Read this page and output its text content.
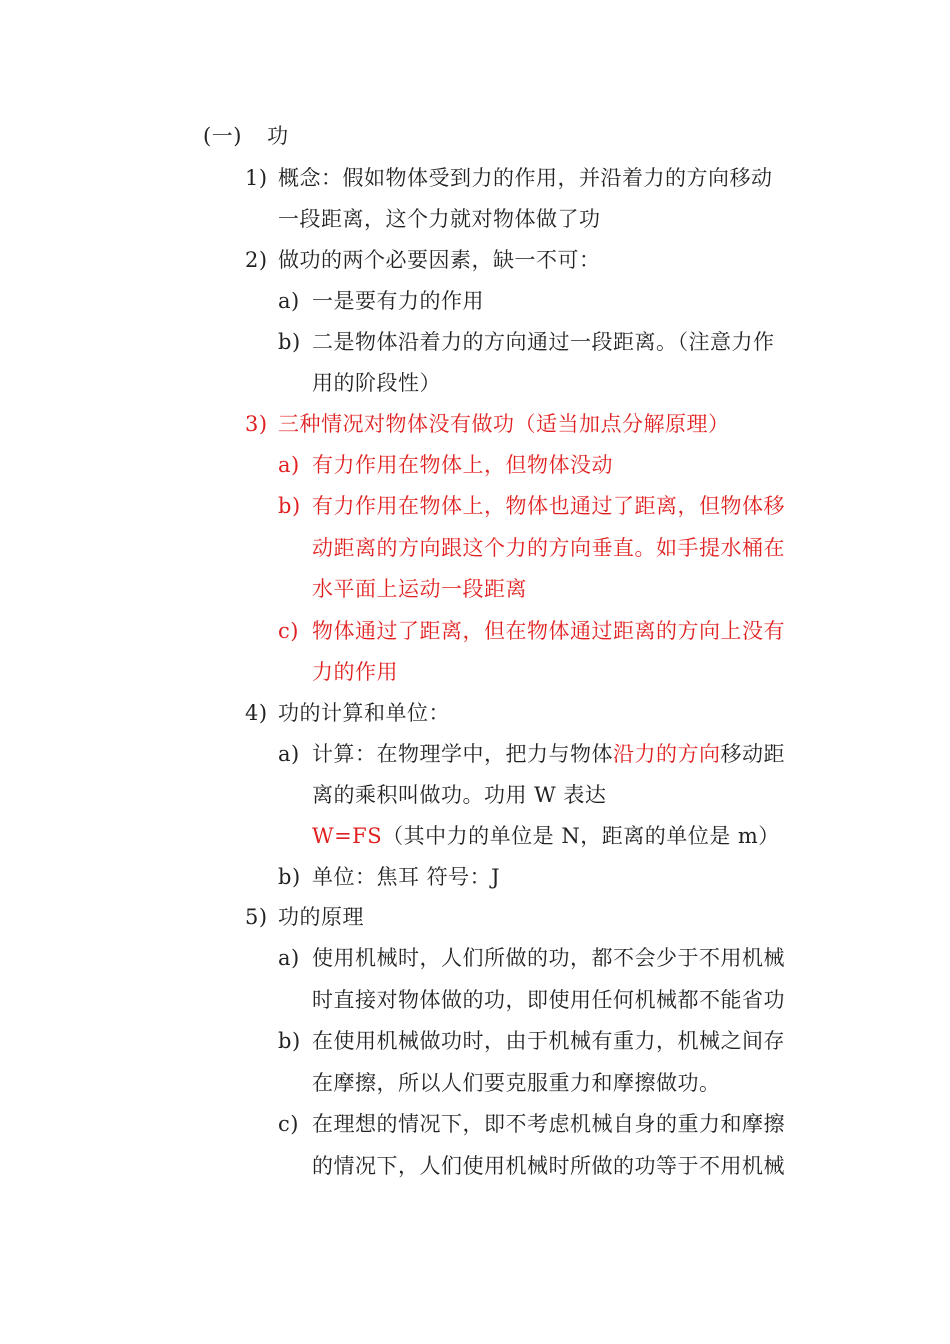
(一) 功
1) 概念：假如物体受到力的作用，并沿着力的方向移动
一段距离，这个力就对物体做了功
2) 做功的两个必要因素，缺一不可：
a) 一是要有力的作用
b) 二是物体沿着力的方向通过一段距离。（注意力作
用的阶段性）
3) 三种情况对物体没有做功（适当加点分解原理）
a) 有力作用在物体上，但物体没动
b) 有力作用在物体上，物体也通过了距离，但物体移
动距离的方向跟这个力的方向垂直。如手提水桶在
水平面上运动一段距离
c) 物体通过了距离，但在物体通过距离的方向上没有
力的作用
4) 功的计算和单位：
a) 计算：在物理学中，把力与物体沿力的方向移动距
离的乘积叫做功。功用 W 表达
W=FS（其中力的单位是 N，距离的单位是 m）
b) 单位：焦耳 符号：J
5) 功的原理
a) 使用机械时，人们所做的功，都不会少于不用机械
时直接对物体做的功，即使用任何机械都不能省功
b) 在使用机械做功时，由于机械有重力，机械之间存
在摩擦，所以人们要克服重力和摩擦做功。
c) 在理想的情况下，即不考虑机械自身的重力和摩擦
的情况下，人们使用机械时所做的功等于不用机械
